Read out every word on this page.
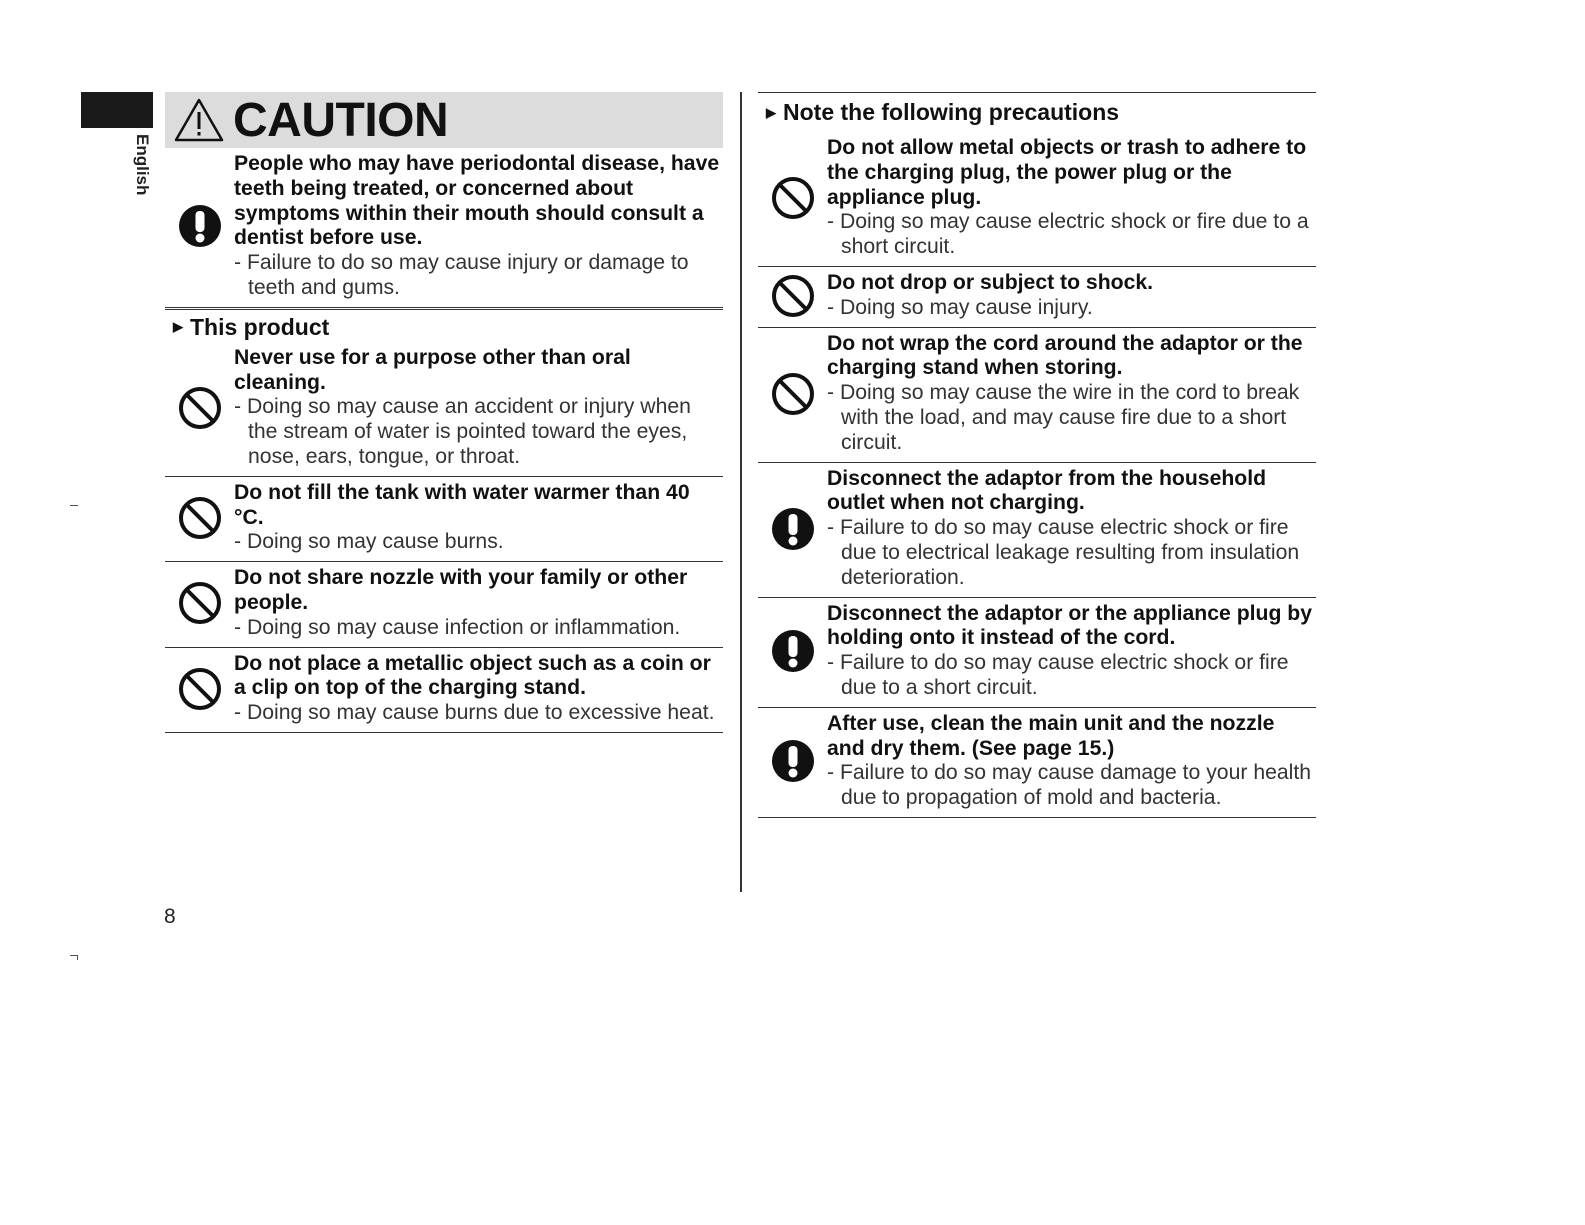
English
CAUTION
People who may have periodontal disease, have teeth being treated, or concerned about symptoms within their mouth should consult a dentist before use.
- Failure to do so may cause injury or damage to teeth and gums.
▶ This product
Never use for a purpose other than oral cleaning.
- Doing so may cause an accident or injury when the stream of water is pointed toward the eyes, nose, ears, tongue, or throat.
Do not fill the tank with water warmer than 40 °C.
- Doing so may cause burns.
Do not share nozzle with your family or other people.
- Doing so may cause infection or inflammation.
Do not place a metallic object such as a coin or a clip on top of the charging stand.
- Doing so may cause burns due to excessive heat.
▶ Note the following precautions
Do not allow metal objects or trash to adhere to the charging plug, the power plug or the appliance plug.
- Doing so may cause electric shock or fire due to a short circuit.
Do not drop or subject to shock.
- Doing so may cause injury.
Do not wrap the cord around the adaptor or the charging stand when storing.
- Doing so may cause the wire in the cord to break with the load, and may cause fire due to a short circuit.
Disconnect the adaptor from the household outlet when not charging.
- Failure to do so may cause electric shock or fire due to electrical leakage resulting from insulation deterioration.
Disconnect the adaptor or the appliance plug by holding onto it instead of the cord.
- Failure to do so may cause electric shock or fire due to a short circuit.
After use, clean the main unit and the nozzle and dry them. (See page 15.)
- Failure to do so may cause damage to your health due to propagation of mold and bacteria.
8
